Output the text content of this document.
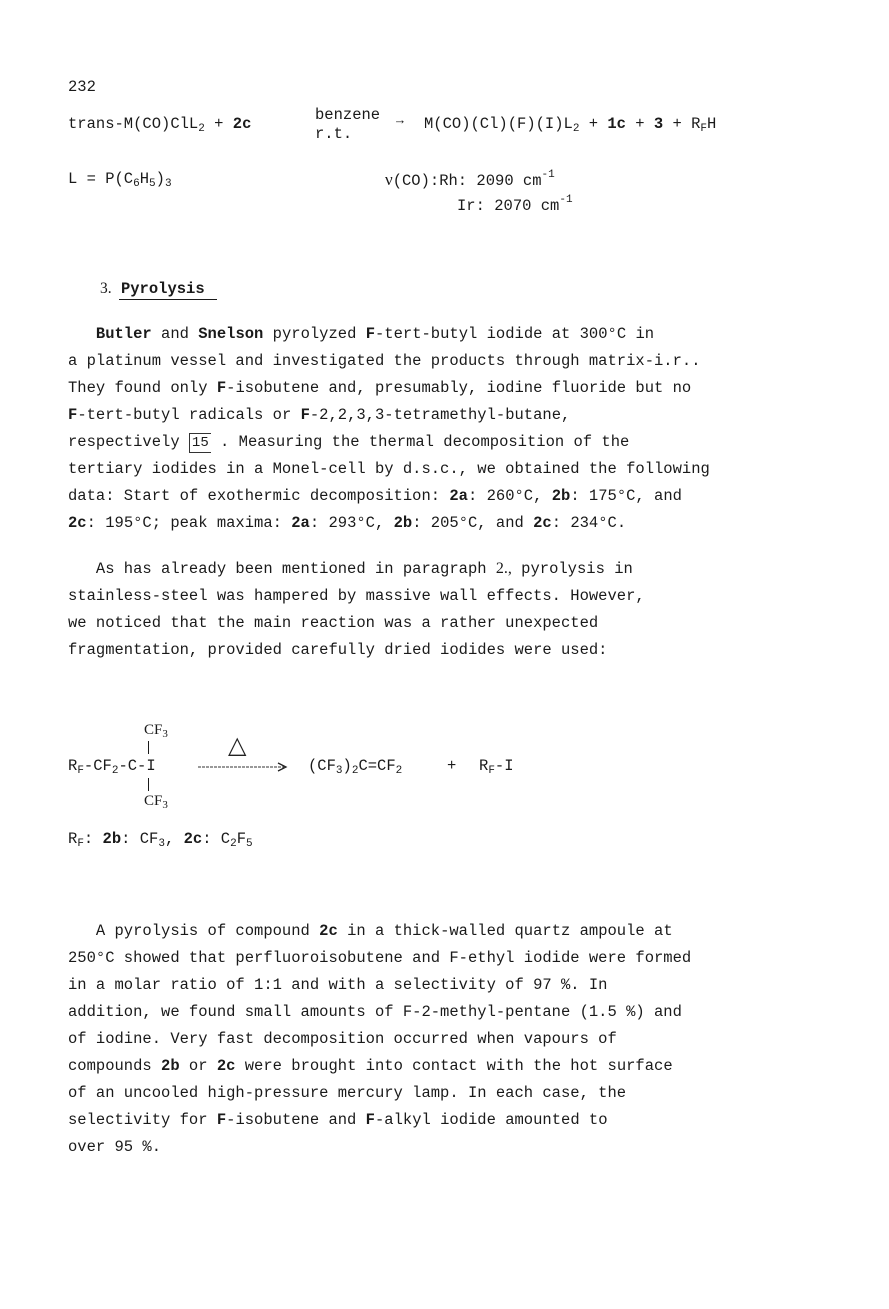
232
trans-M(CO)ClL2 + 2c	benzene
r.t.
→ M(CO)(Cl)(F)(I)L2 + 1c + 3 + RFH
L = P(C6H5)3	ν(CO):Rh: 2090 $cm^{-1}$
Ir: 2070 $cm^{-1}$
3. Pyrolysis
Butler and Snelson pyrolyzed F-tert-butyl iodide at 300°C in
a platinum vessel and investigated the products through matrix-i.r..
They found only F-isobutene and, presumably, iodine fluoride but no
F-tert-butyl radicals or F-2,2,3,3-tetramethyl-butane,
respectively 15 . Measuring the thermal decomposition of the
tertiary iodides in a Monel-cell by d.s.c., we obtained the following
data: Start of exothermic decomposition: 2a: 260°C, 2b: 175°C, and
2c: 195°C; peak maxima: 2a: 293°C, 2b: 205°C, and 2c: 234°C.
As has already been mentioned in paragraph 2., pyrolysis in
stainless-steel was hampered by massive wall effects. However,
we noticed that the main reaction was a rather unexpected
fragmentation, provided carefully dried iodides were used:
$CF_3$
RF-CF2-C-I
$CF_3$
△
(CF3)2C=CF2	+ RF-I
RF: 2b: CF3, 2c: C2F5
A pyrolysis of compound 2c in a thick-walled quartz ampoule at
250°C showed that perfluoroisobutene and F-ethyl iodide were formed
in a molar ratio of 1:1 and with a selectivity of 97 %. In
addition, we found small amounts of F-2-methyl-pentane (1.5 %) and
of iodine. Very fast decomposition occurred when vapours of
compounds 2b or 2c were brought into contact with the hot surface
of an uncooled high-pressure mercury lamp. In each case, the
selectivity for F-isobutene and F-alkyl iodide amounted to
over 95 %.
